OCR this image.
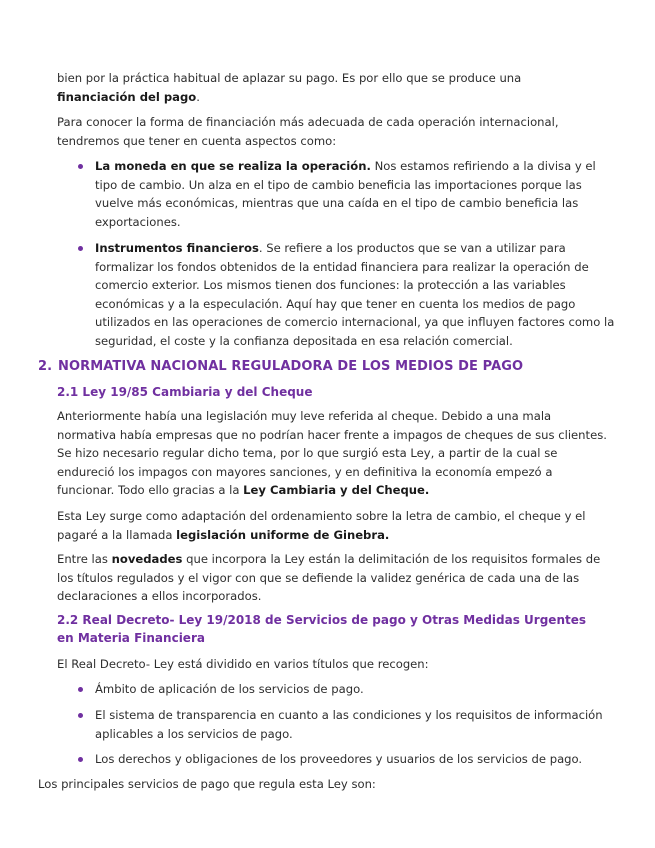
bien por la práctica habitual de aplazar su pago. Es por ello que se produce una
financiación del pago.

Para conocer la forma de financiación más adecuada de cada operación internacional, tendremos que tener en cuenta aspectos como:

La moneda en que se realiza la operación. Nos estamos refiriendo a la divisa y el tipo de cambio. Un alza en el tipo de cambio beneficia las importaciones porque las vuelve más económicas, mientras que una caída en el tipo de cambio beneficia las exportaciones.
Instrumentos financieros. Se refiere a los productos que se van a utilizar para formalizar los fondos obtenidos de la entidad financiera para realizar la operación de comercio exterior. Los mismos tienen dos funciones: la protección a las variables económicas y a la especulación. Aquí hay que tener en cuenta los medios de pago utilizados en las operaciones de comercio internacional, ya que influyen factores como la seguridad, el coste y la confianza depositada en esa relación comercial.
2. NORMATIVA NACIONAL REGULADORA DE LOS MEDIOS DE PAGO
2.1 Ley 19/85 Cambiaria y del Cheque

Anteriormente había una legislación muy leve referida al cheque. Debido a una mala normativa había empresas que no podrían hacer frente a impagos de cheques de sus clientes. Se hizo necesario regular dicho tema, por lo que surgió esta Ley, a partir de la cual se endureció los impagos con mayores sanciones, y en definitiva la economía empezó a funcionar. Todo ello gracias a la Ley Cambiaria y del Cheque.

Esta Ley surge como adaptación del ordenamiento sobre la letra de cambio, el cheque y el pagaré a la llamada legislación uniforme de Ginebra.

Entre las novedades que incorpora la Ley están la delimitación de los requisitos formales de los títulos regulados y el vigor con que se defiende la validez genérica de cada una de las declaraciones a ellos incorporados.

2.2 Real Decreto- Ley 19/2018 de Servicios de pago y Otras Medidas Urgentes en Materia Financiera

El Real Decreto- Ley está dividido en varios títulos que recogen:

Ámbito de aplicación de los servicios de pago.
El sistema de transparencia en cuanto a las condiciones y los requisitos de información aplicables a los servicios de pago.
Los derechos y obligaciones de los proveedores y usuarios de los servicios de pago.

Los principales servicios de pago que regula esta Ley son:
